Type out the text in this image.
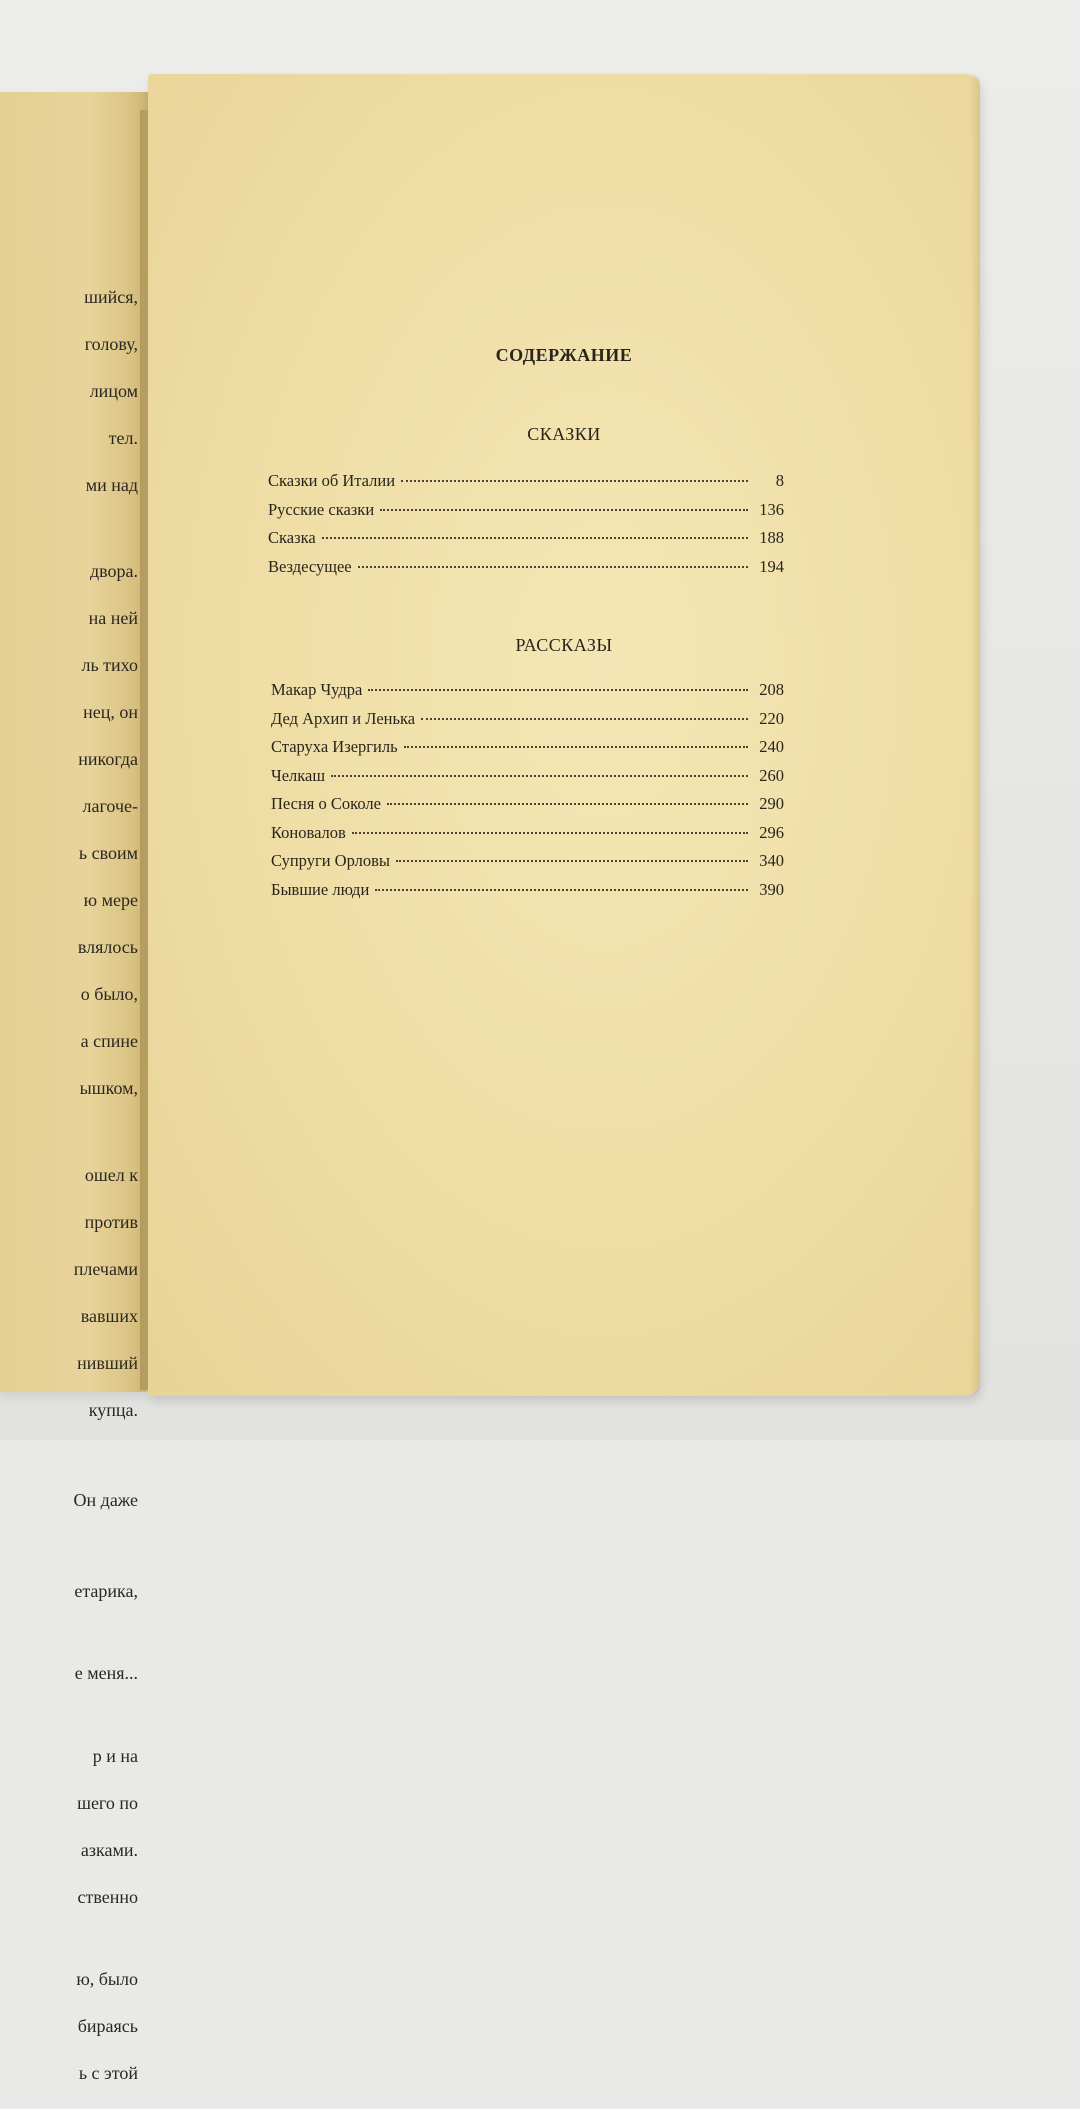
шийся,

голову,

лицом

тел.

ми над

двора.

на ней

ль тихо

нец, он

никогда

лагоче-

ь своим

ю мере

влялось

о было,

а спине

ышком,

ошел к

против

плечами

вавших

нивший

купца.

Он даже

етарика,

е меня...

р и на

шего по

азками.

ственно

ю, было

бираясь

ь с этой

СОДЕРЖАНИЕ
СКАЗКИ
Сказки об Италии	8
Русские сказки	136
Сказка	188
Вездесущее	194
РАССКАЗЫ
Макар Чудра	208
Дед Архип и Ленька	220
Старуха Изергиль	240
Челкаш	260
Песня о Соколе	290
Коновалов	296
Супруги Орловы	340
Бывшие люди	390
